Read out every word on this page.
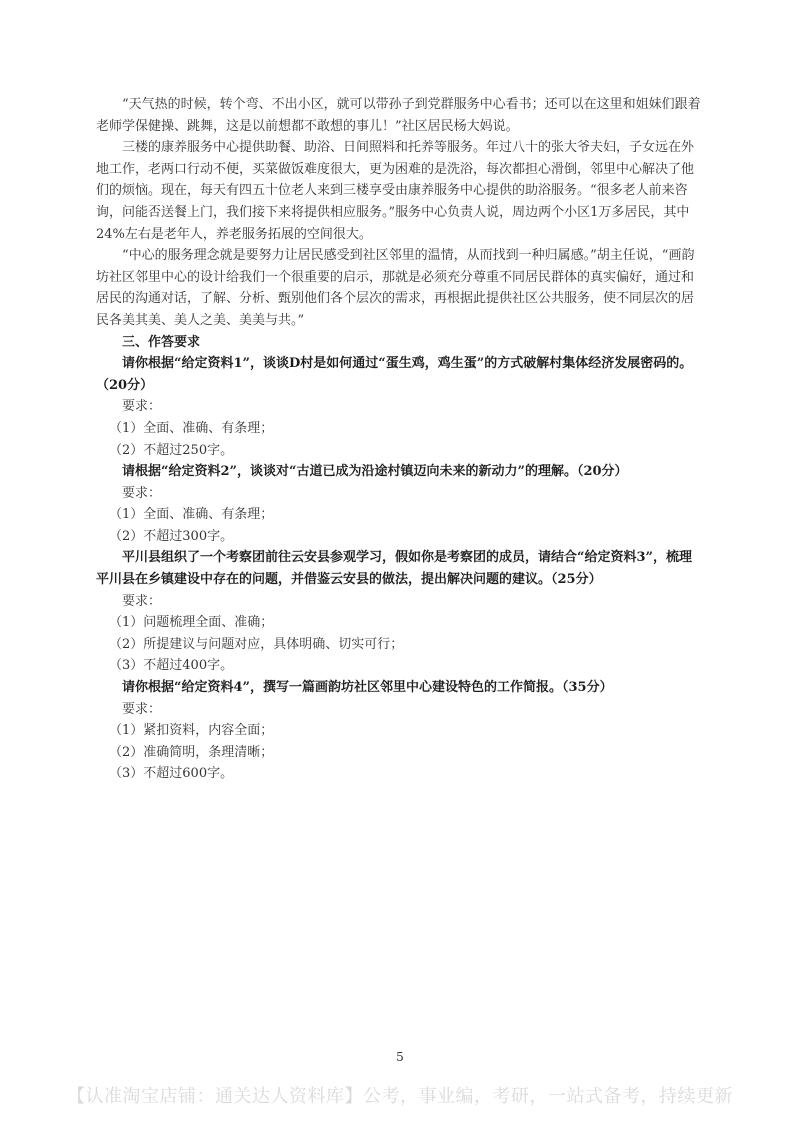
“天气热的时候，转个弯、不出小区，就可以带孙子到党群服务中心看书；还可以在这里和姐妹们跟着老师学保健操、跳舞，这是以前想都不敢想的事儿！”社区居民杨大妈说。

三楼的康养服务中心提供助餐、助浴、日间照料和托养等服务。年过八十的张大爷夫妇，子女远在外地工作，老两口行动不便，买菜做饭难度很大，更为困难的是洗浴，每次都担心滑倒，邻里中心解决了他们的烦恼。现在，每天有四五十位老人来到三楼享受由康养服务中心提供的助浴服务。“很多老人前来咨询，问能否送餐上门，我们接下来将提供相应服务。”服务中心负责人说，周边两个小区1万多居民，其中24%左右是老年人，养老服务拓展的空间很大。

“中心的服务理念就是要努力让居民感受到社区邻里的温情，从而找到一种归属感。”胡主任说，“画韵坊社区邻里中心的设计给我们一个很重要的启示，那就是必须充分尊重不同居民群体的真实偏好，通过和居民的沟通对话，了解、分析、甄别他们各个层次的需求，再根据此提供社区公共服务，使不同层次的居民各美其美、美人之美、美美与共。”

三、作答要求

请你根据“给定资料1”，谈谈D村是如何通过“蛋生鸡，鸡生蛋”的方式破解村集体经济发展密码的。（20分）

要求：

（1）全面、准确、有条理；

（2）不超过250字。

请根据“给定资料2”，谈谈对“古道已成为沿途村镇迈向未来的新动力”的理解。（20分）

要求：

（1）全面、准确、有条理；

（2）不超过300字。

平川县组织了一个考察团前往云安县参观学习，假如你是考察团的成员，请结合“给定资料3”，梳理平川县在乡镇建设中存在的问题，并借鉴云安县的做法，提出解决问题的建议。（25分）

要求：

（1）问题梳理全面、准确；

（2）所提建议与问题对应，具体明确、切实可行；

（3）不超过400字。

请你根据“给定资料4”，撰写一篇画韵坊社区邻里中心建设特色的工作简报。（35分）

要求：

（1）紧扣资料，内容全面；

（2）准确简明，条理清晰；

（3）不超过600字。

5
【认准淘宝店铺：通关达人资料库】公考，事业编，考研，一站式备考，持续更新
